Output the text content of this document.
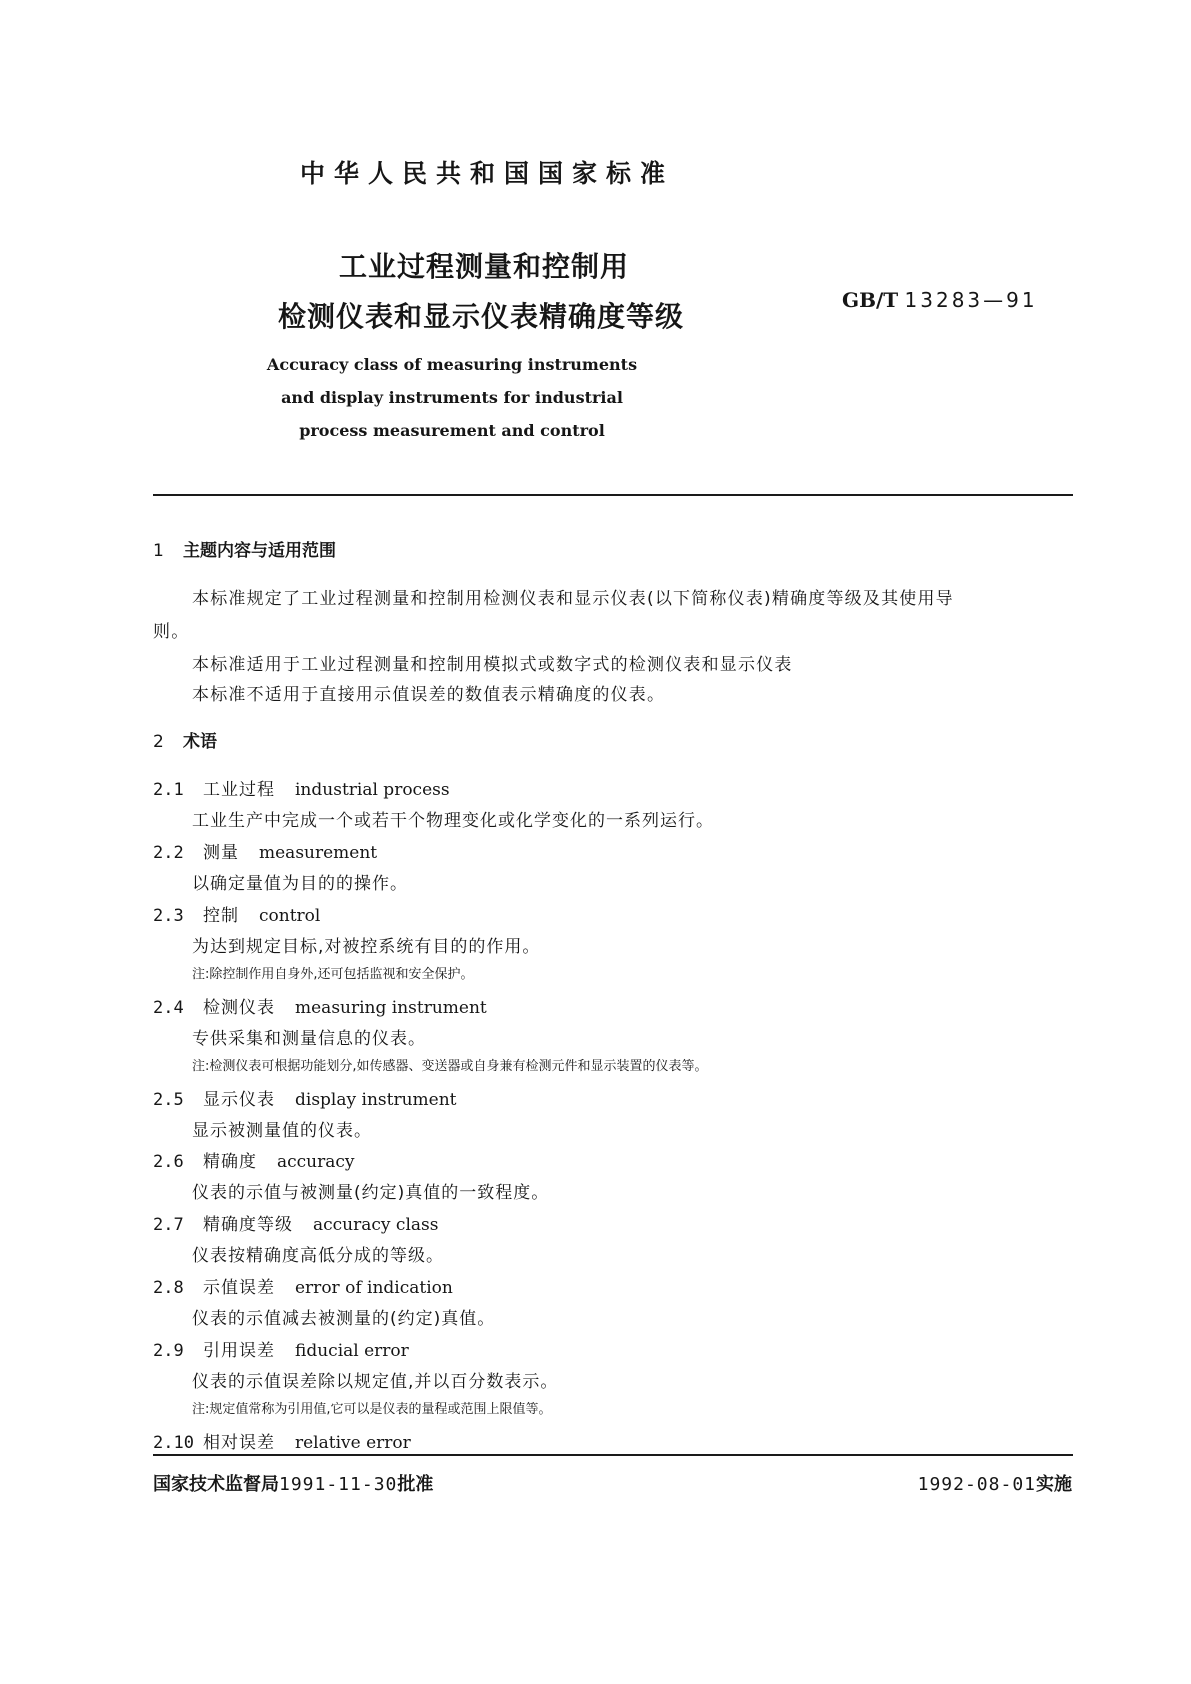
中华人民共和国国家标准
工业过程测量和控制用
检测仪表和显示仪表精确度等级	GB/T 13283—91
Accuracy class of measuring instruments
and display instruments for industrial
process measurement and control
1 主题内容与适用范围
本标准规定了工业过程测量和控制用检测仪表和显示仪表(以下简称仪表)精确度等级及其使用导
则。
本标准适用于工业过程测量和控制用模拟式或数字式的检测仪表和显示仪表
本标准不适用于直接用示值误差的数值表示精确度的仪表。
2 术语
2.1 工业过程 industrial process
工业生产中完成一个或若干个物理变化或化学变化的一系列运行。
2.2 测量 measurement
以确定量值为目的的操作。
2.3 控制 control
为达到规定目标,对被控系统有目的的作用。
注:除控制作用自身外,还可包括监视和安全保护。
2.4 检测仪表 measuring instrument
专供采集和测量信息的仪表。
注:检测仪表可根据功能划分,如传感器、变送器或自身兼有检测元件和显示装置的仪表等。
2.5 显示仪表 display instrument
显示被测量值的仪表。
2.6 精确度 accuracy
仪表的示值与被测量(约定)真值的一致程度。
2.7 精确度等级 accuracy class
仪表按精确度高低分成的等级。
2.8 示值误差 error of indication
仪表的示值减去被测量的(约定)真值。
2.9 引用误差 fiducial error
仪表的示值误差除以规定值,并以百分数表示。
注:规定值常称为引用值,它可以是仪表的量程或范围上限值等。
2.10 相对误差 relative error
国家技术监督局1991-11-30批准	1992-08-01实施
